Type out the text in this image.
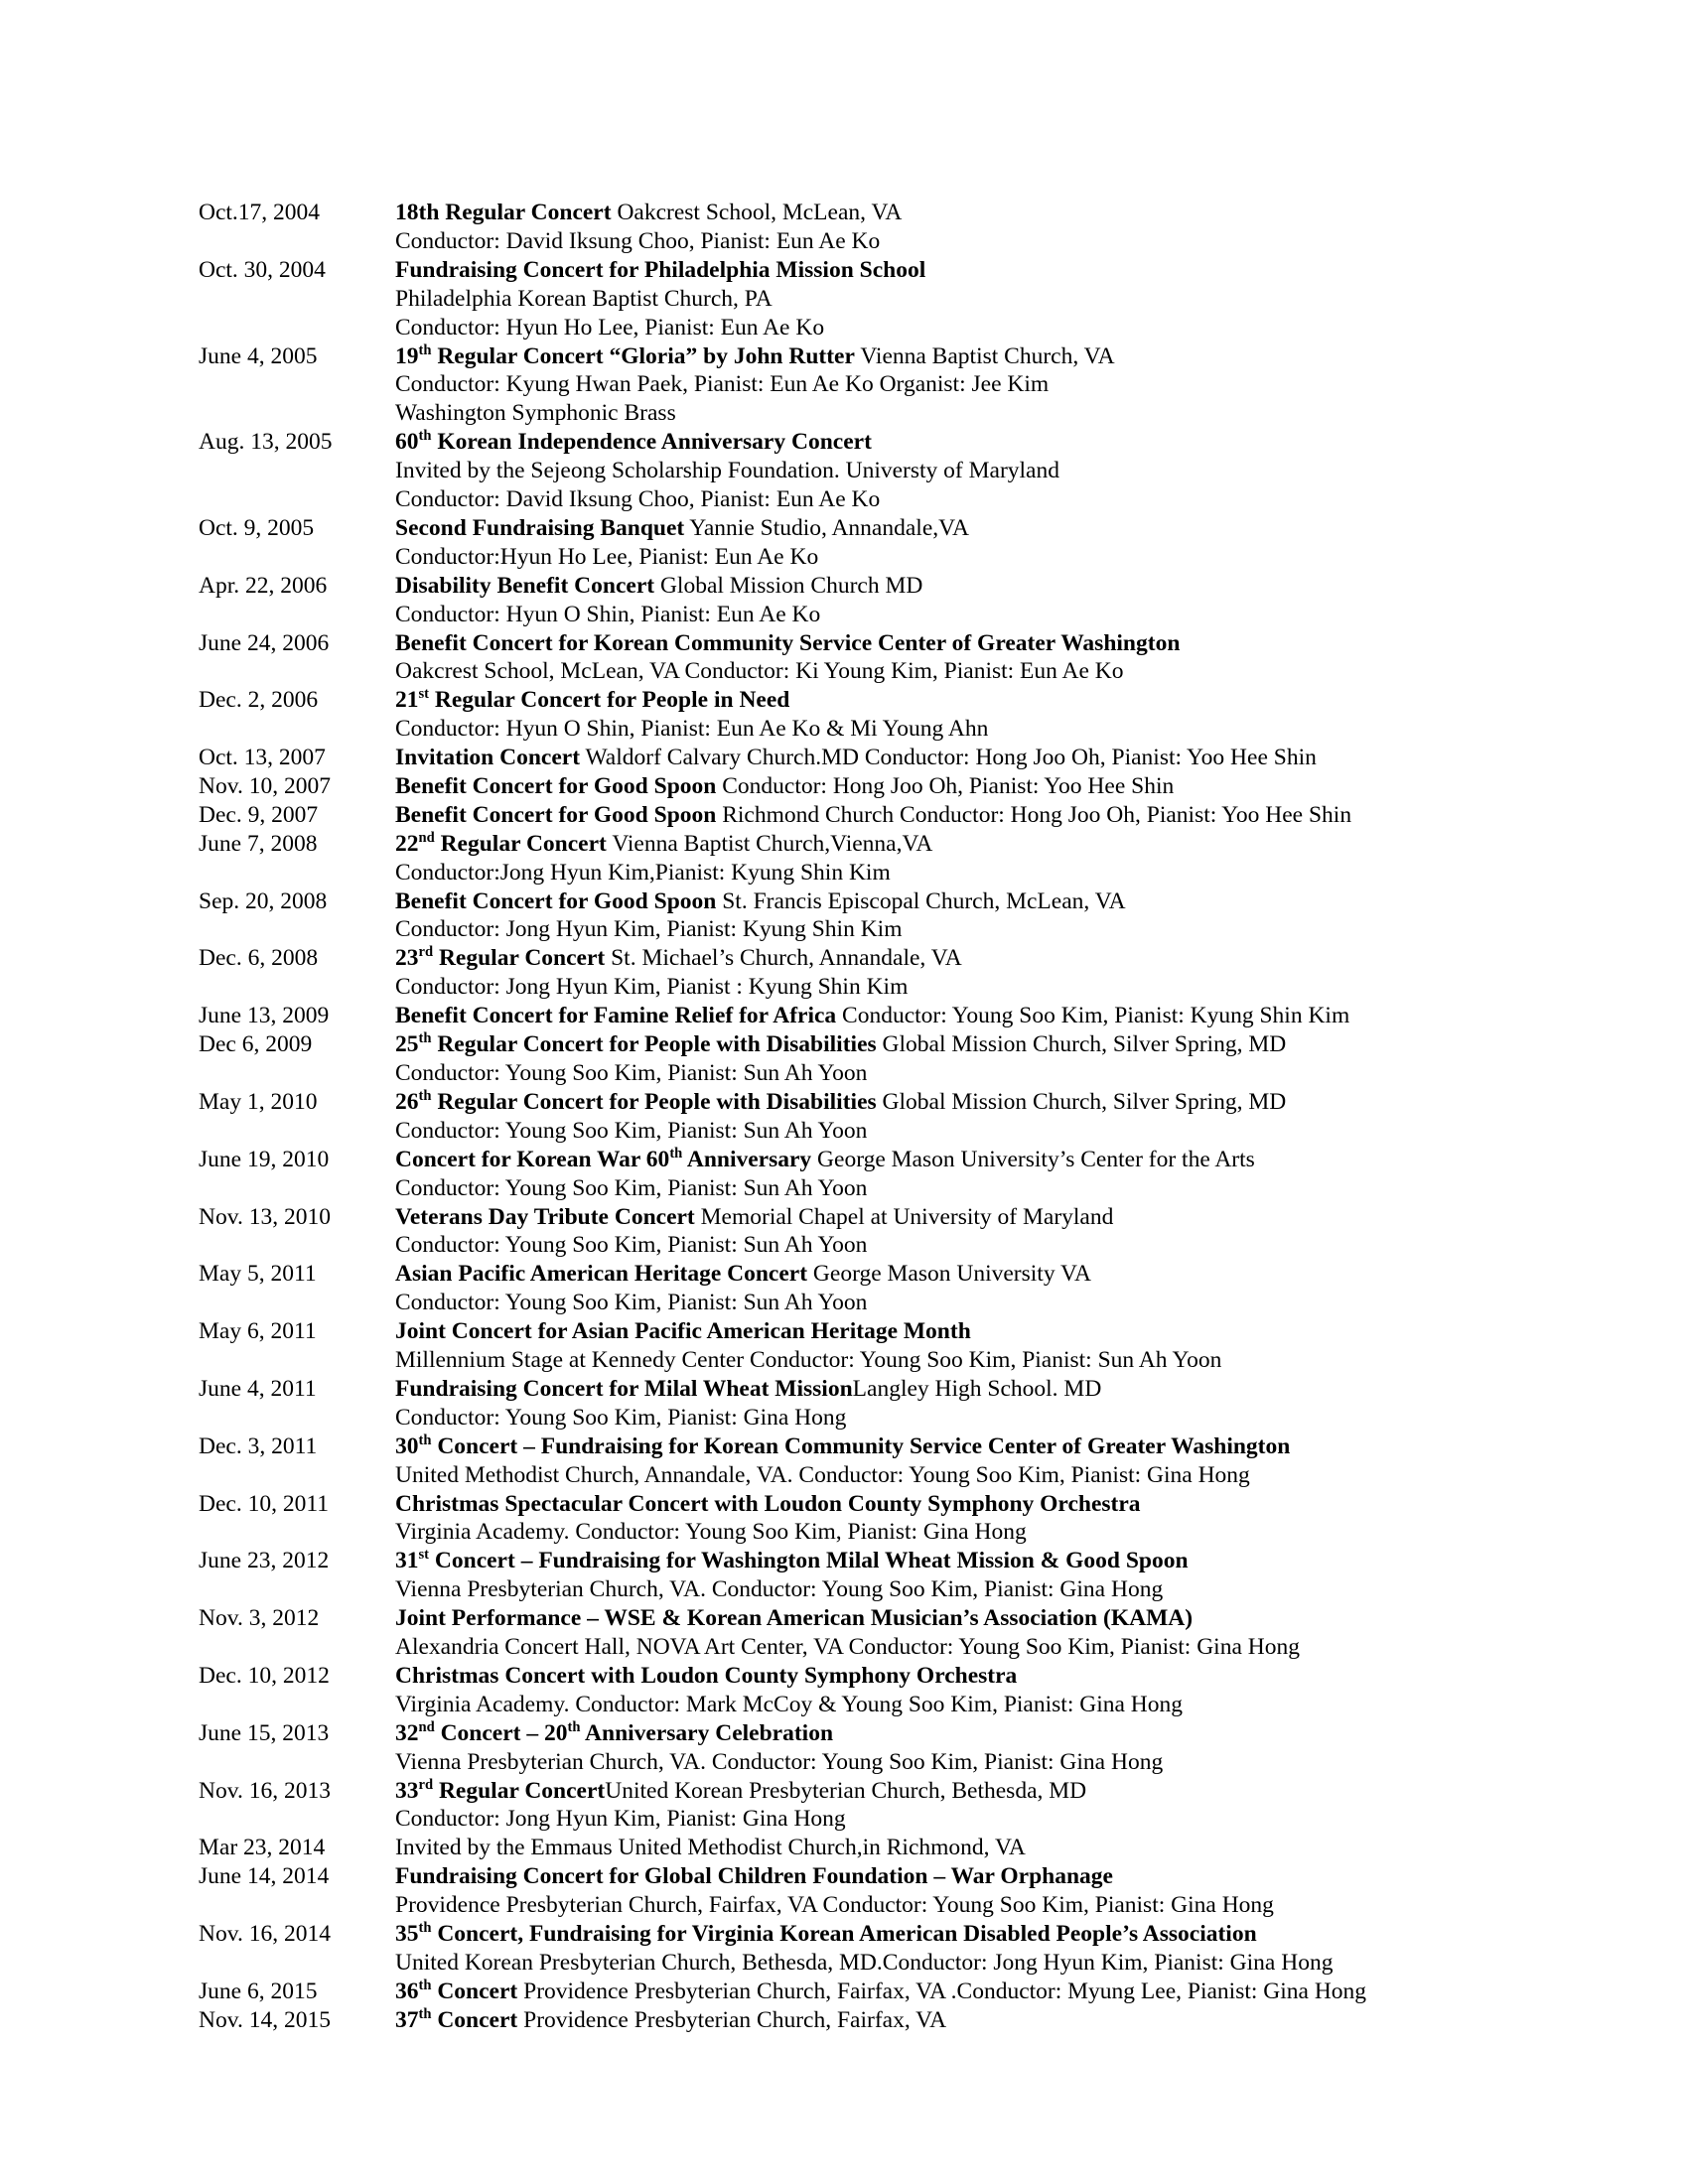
Oct.17, 2004	18th Regular Concert Oakcrest School, McLean, VA
Conductor: David Iksung Choo, Pianist: Eun Ae Ko
Oct. 30, 2004	Fundraising Concert for Philadelphia Mission School
Philadelphia Korean Baptist Church, PA
Conductor: Hyun Ho Lee, Pianist: Eun Ae Ko
June 4, 2005	19th Regular Concert “Gloria” by John Rutter Vienna Baptist Church, VA
Conductor: Kyung Hwan Paek, Pianist: Eun Ae Ko Organist: Jee Kim
Washington Symphonic Brass
Aug. 13, 2005	60th Korean Independence Anniversary Concert
Invited by the Sejeong Scholarship Foundation. Universty of Maryland
Conductor: David Iksung Choo, Pianist: Eun Ae Ko
Oct. 9, 2005	Second Fundraising Banquet Yannie Studio, Annandale,VA
Conductor:Hyun Ho Lee, Pianist: Eun Ae Ko
Apr. 22, 2006	Disability Benefit Concert Global Mission Church MD
Conductor: Hyun O Shin, Pianist: Eun Ae Ko
June 24, 2006	Benefit Concert for Korean Community Service Center of Greater Washington
Oakcrest School, McLean, VA Conductor: Ki Young Kim, Pianist: Eun Ae Ko
Dec. 2, 2006	21st Regular Concert for People in Need
Conductor: Hyun O Shin, Pianist: Eun Ae Ko & Mi Young Ahn
Oct. 13, 2007	Invitation Concert Waldorf Calvary Church.MD Conductor: Hong Joo Oh, Pianist: Yoo Hee Shin
Nov. 10, 2007	Benefit Concert for Good Spoon Conductor: Hong Joo Oh, Pianist: Yoo Hee Shin
Dec. 9, 2007	Benefit Concert for Good Spoon Richmond Church Conductor: Hong Joo Oh, Pianist: Yoo Hee Shin
June 7, 2008	22nd Regular Concert Vienna Baptist Church,Vienna,VA
Conductor:Jong Hyun Kim,Pianist: Kyung Shin Kim
Sep. 20, 2008	Benefit Concert for Good Spoon St. Francis Episcopal Church, McLean, VA
Conductor: Jong Hyun Kim, Pianist: Kyung Shin Kim
Dec. 6, 2008	23rd Regular Concert St. Michael’s Church, Annandale, VA
Conductor: Jong Hyun Kim, Pianist : Kyung Shin Kim
June 13, 2009	Benefit Concert for Famine Relief for Africa Conductor: Young Soo Kim, Pianist: Kyung Shin Kim
Dec 6, 2009	25th Regular Concert for People with Disabilities Global Mission Church, Silver Spring, MD
Conductor: Young Soo Kim, Pianist: Sun Ah Yoon
May 1, 2010	26th Regular Concert for People with Disabilities Global Mission Church, Silver Spring, MD
Conductor: Young Soo Kim, Pianist: Sun Ah Yoon
June 19, 2010	Concert for Korean War 60th Anniversary George Mason University’s Center for the Arts
Conductor: Young Soo Kim, Pianist: Sun Ah Yoon
Nov. 13, 2010	Veterans Day Tribute Concert Memorial Chapel at University of Maryland
Conductor: Young Soo Kim, Pianist: Sun Ah Yoon
May 5, 2011	Asian Pacific American Heritage Concert George Mason University VA
Conductor: Young Soo Kim, Pianist: Sun Ah Yoon
May 6, 2011	Joint Concert for Asian Pacific American Heritage Month
Millennium Stage at Kennedy Center Conductor: Young Soo Kim, Pianist: Sun Ah Yoon
June 4, 2011	Fundraising Concert for Milal Wheat MissionLangley High School. MD
Conductor: Young Soo Kim, Pianist: Gina Hong
Dec. 3, 2011	30th Concert – Fundraising for Korean Community Service Center of Greater Washington
United Methodist Church, Annandale, VA. Conductor: Young Soo Kim, Pianist: Gina Hong
Dec. 10, 2011	Christmas Spectacular Concert with Loudon County Symphony Orchestra
Virginia Academy. Conductor: Young Soo Kim, Pianist: Gina Hong
June 23, 2012	31st Concert – Fundraising for Washington Milal Wheat Mission & Good Spoon
Vienna Presbyterian Church, VA. Conductor: Young Soo Kim, Pianist: Gina Hong
Nov. 3, 2012	Joint Performance – WSE & Korean American Musician’s Association (KAMA)
Alexandria Concert Hall, NOVA Art Center, VA Conductor: Young Soo Kim, Pianist: Gina Hong
Dec. 10, 2012	Christmas Concert with Loudon County Symphony Orchestra
Virginia Academy. Conductor: Mark McCoy & Young Soo Kim, Pianist: Gina Hong
June 15, 2013	32nd Concert – 20th Anniversary Celebration
Vienna Presbyterian Church, VA. Conductor: Young Soo Kim, Pianist: Gina Hong
Nov. 16, 2013	33rd Regular ConcertUnited Korean Presbyterian Church, Bethesda, MD
Conductor: Jong Hyun Kim, Pianist: Gina Hong
Mar 23, 2014	Invited by the Emmaus United Methodist Church,in Richmond, VA
June 14, 2014	Fundraising Concert for Global Children Foundation – War Orphanage
Providence Presbyterian Church, Fairfax, VA Conductor: Young Soo Kim, Pianist: Gina Hong
Nov. 16, 2014	35th Concert, Fundraising for Virginia Korean American Disabled People’s Association
United Korean Presbyterian Church, Bethesda, MD.Conductor: Jong Hyun Kim, Pianist: Gina Hong
June 6, 2015	36th Concert Providence Presbyterian Church, Fairfax, VA .Conductor: Myung Lee, Pianist: Gina Hong
Nov. 14, 2015	37th Concert Providence Presbyterian Church, Fairfax, VA
